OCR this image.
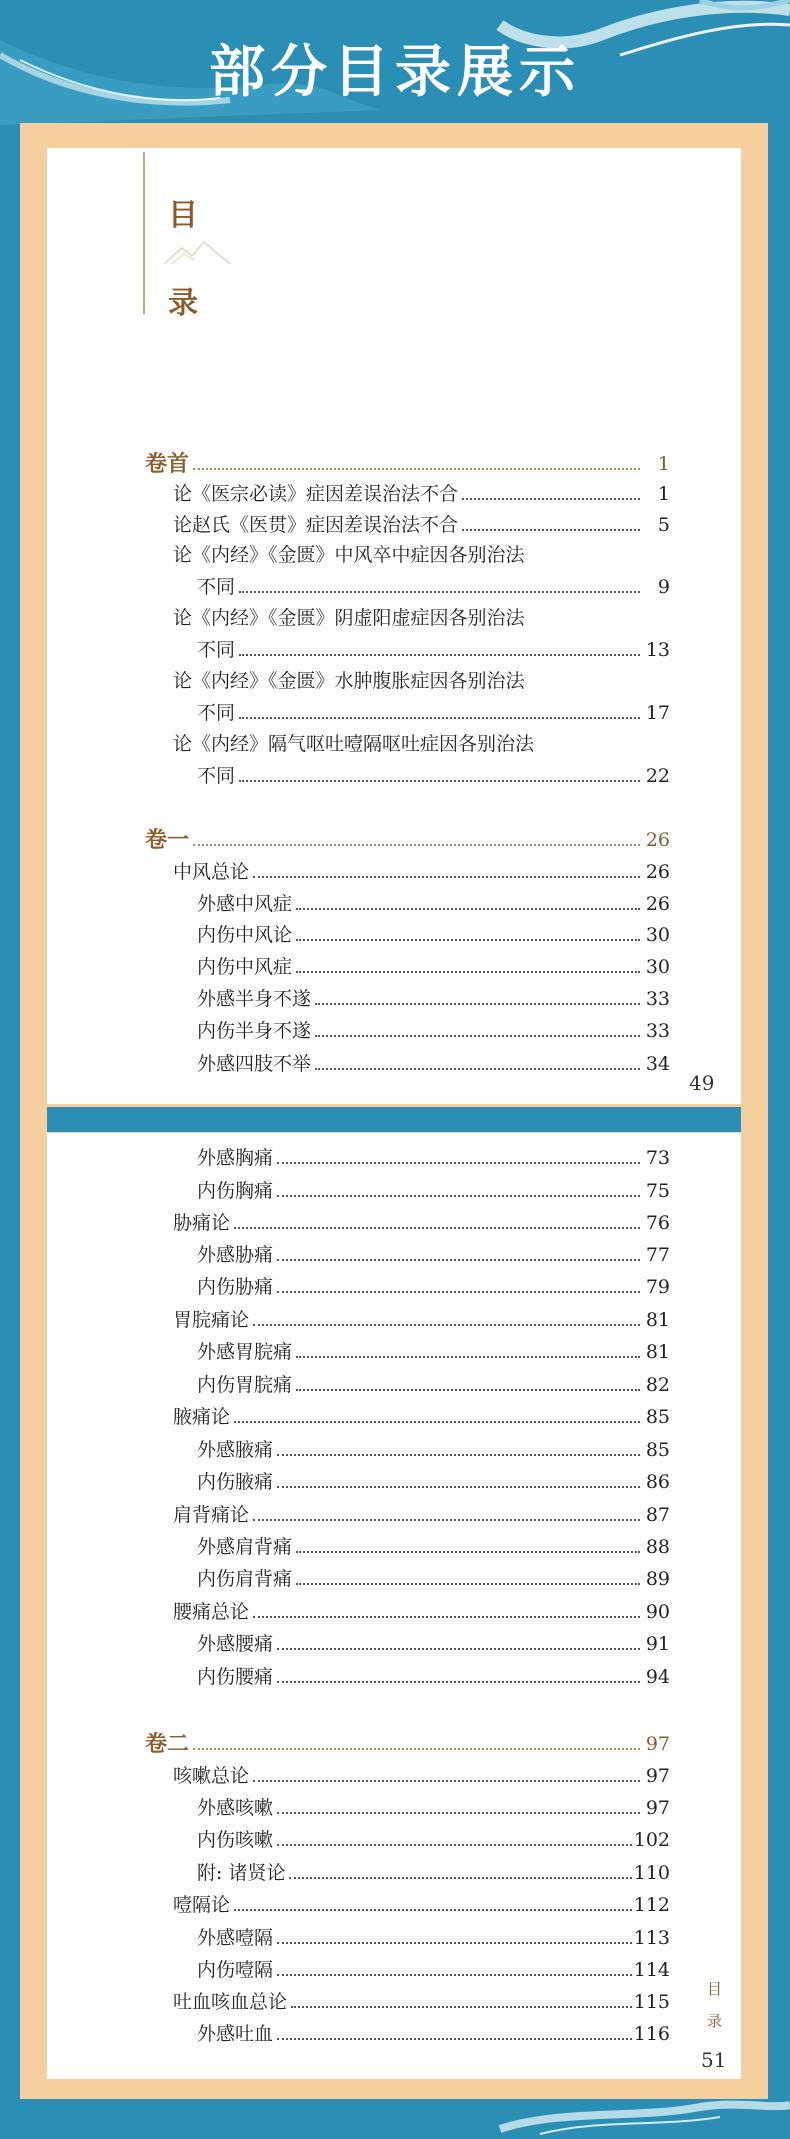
部分目录展示
目
录
卷首	1
论《医宗必读》症因差误治法不合	1
论赵氏《医贯》症因差误治法不合	5
论《内经》《金匮》中风卒中症因各别治法
不同	9
论《内经》《金匮》阴虚阳虚症因各别治法
不同	13
论《内经》《金匮》水肿腹胀症因各别治法
不同	17
论《内经》隔气呕吐噎隔呕吐症因各别治法
不同	22
卷一	26
中风总论	26
外感中风症	26
内伤中风论	30
内伤中风症	30
外感半身不遂	33
内伤半身不遂	33
外感四肢不举	34
49
外感胸痛	73
内伤胸痛	75
胁痛论	76
外感胁痛	77
内伤胁痛	79
胃脘痛论	81
外感胃脘痛	81
内伤胃脘痛	82
腋痛论	85
外感腋痛	85
内伤腋痛	86
肩背痛论	87
外感肩背痛	88
内伤肩背痛	89
腰痛总论	90
外感腰痛	91
内伤腰痛	94
卷二	97
咳嗽总论	97
外感咳嗽	97
内伤咳嗽	102
附: 诸贤论	110
噎隔论	112
外感噎隔	113
内伤噎隔	114
吐血咳血总论	115
外感吐血	116
目
录
51
